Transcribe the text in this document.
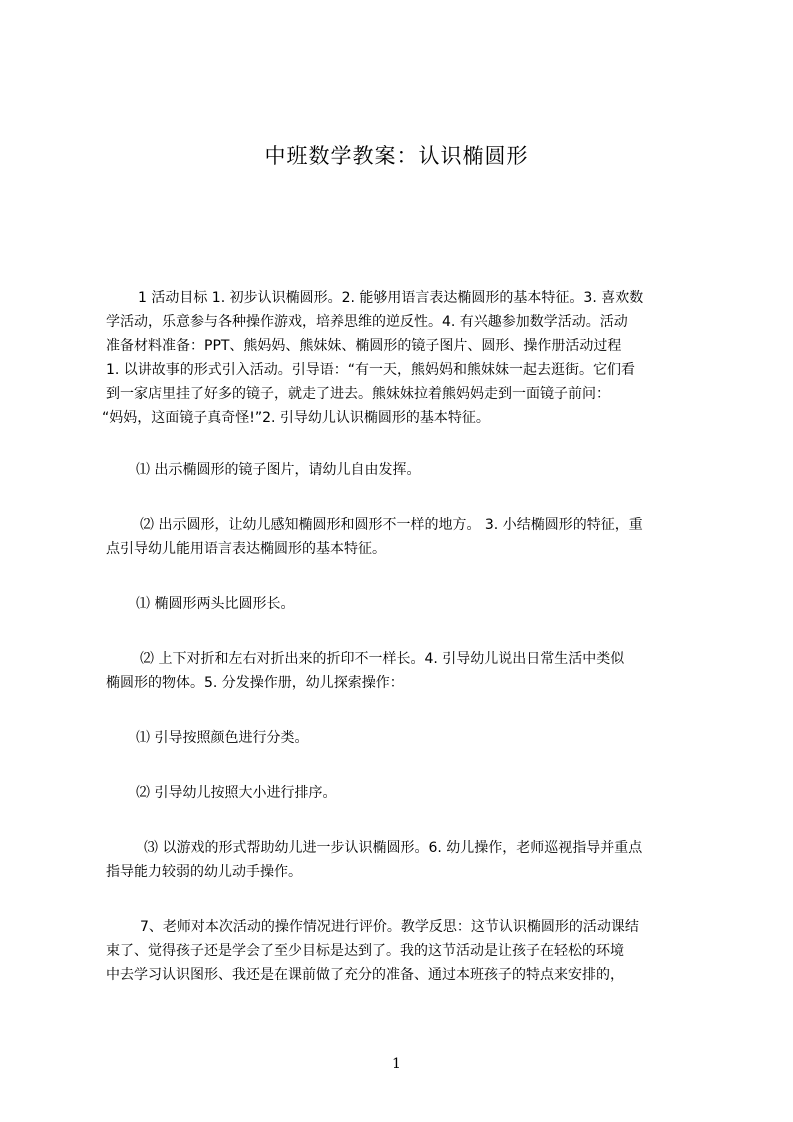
中班数学教案：认识椭圆形
1 活动目标 1. 初步认识椭圆形。2. 能够用语言表达椭圆形的基本特征。3. 喜欢数
学活动，乐意参与各种操作游戏，培养思维的逆反性。4. 有兴趣参加数学活动。活动
准备材料准备：PPT、熊妈妈、熊妹妹、椭圆形的镜子图片、圆形、操作册活动过程
1. 以讲故事的形式引入活动。引导语：“有一天，熊妈妈和熊妹妹一起去逛街。它们看
到一家店里挂了好多的镜子，就走了进去。熊妹妹拉着熊妈妈走到一面镜子前问：
“妈妈，这面镜子真奇怪!”2. 引导幼儿认识椭圆形的基本特征。
⑴ 出示椭圆形的镜子图片，请幼儿自由发挥。
⑵ 出示圆形，让幼儿感知椭圆形和圆形不一样的地方。 3. 小结椭圆形的特征，重
点引导幼儿能用语言表达椭圆形的基本特征。
⑴ 椭圆形两头比圆形长。
⑵ 上下对折和左右对折出来的折印不一样长。4. 引导幼儿说出日常生活中类似
椭圆形的物体。5. 分发操作册，幼儿探索操作：
⑴ 引导按照颜色进行分类。
⑵ 引导幼儿按照大小进行排序。
⑶ 以游戏的形式帮助幼儿进一步认识椭圆形。6. 幼儿操作，老师巡视指导并重点
指导能力较弱的幼儿动手操作。
7、老师对本次活动的操作情况进行评价。教学反思：这节认识椭圆形的活动课结
束了、觉得孩子还是学会了至少目标是达到了。我的这节活动是让孩子在轻松的环境
中去学习认识图形、我还是在课前做了充分的准备、通过本班孩子的特点来安排的，
1
